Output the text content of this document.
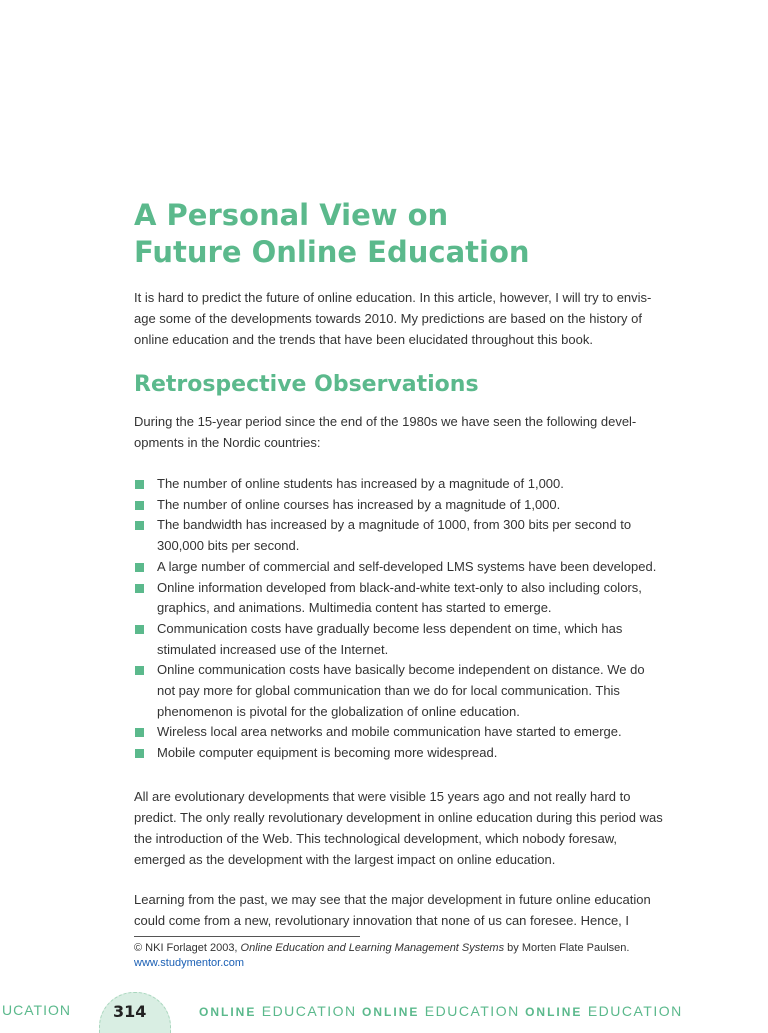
A Personal View on
Future Online Education

It is hard to predict the future of online education. In this article, however, I will try to envis-
age some of the developments towards 2010. My predictions are based on the history of
online education and the trends that have been elucidated throughout this book.

Retrospective Observations

During the 15-year period since the end of the 1980s we have seen the following devel-
opments in the Nordic countries:

The number of online students has increased by a magnitude of 1,000.
The number of online courses has increased by a magnitude of 1,000.
The bandwidth has increased by a magnitude of 1000, from 300 bits per second to
300,000 bits per second.
A large number of commercial and self-developed LMS systems have been developed.
Online information developed from black-and-white text-only to also including colors,
graphics, and animations. Multimedia content has started to emerge.
Communication costs have gradually become less dependent on time, which has
stimulated increased use of the Internet.
Online communication costs have basically become independent on distance. We do
not pay more for global communication than we do for local communication. This
phenomenon is pivotal for the globalization of online education.
Wireless local area networks and mobile communication have started to emerge.
Mobile computer equipment is becoming more widespread.

All are evolutionary developments that were visible 15 years ago and not really hard to
predict. The only really revolutionary development in online education during this period was
the introduction of the Web. This technological development, which nobody foresaw,
emerged as the development with the largest impact on online education.

Learning from the past, we may see that the major development in future online education
could come from a new, revolutionary innovation that none of us can foresee. Hence, I

© NKI Forlaget 2003, Online Education and Learning Management Systems by Morten Flate Paulsen.
www.studymentor.com
UCATION	314	ONLINE EDUCATION ONLINE EDUCATION ONLINE EDUCATION
